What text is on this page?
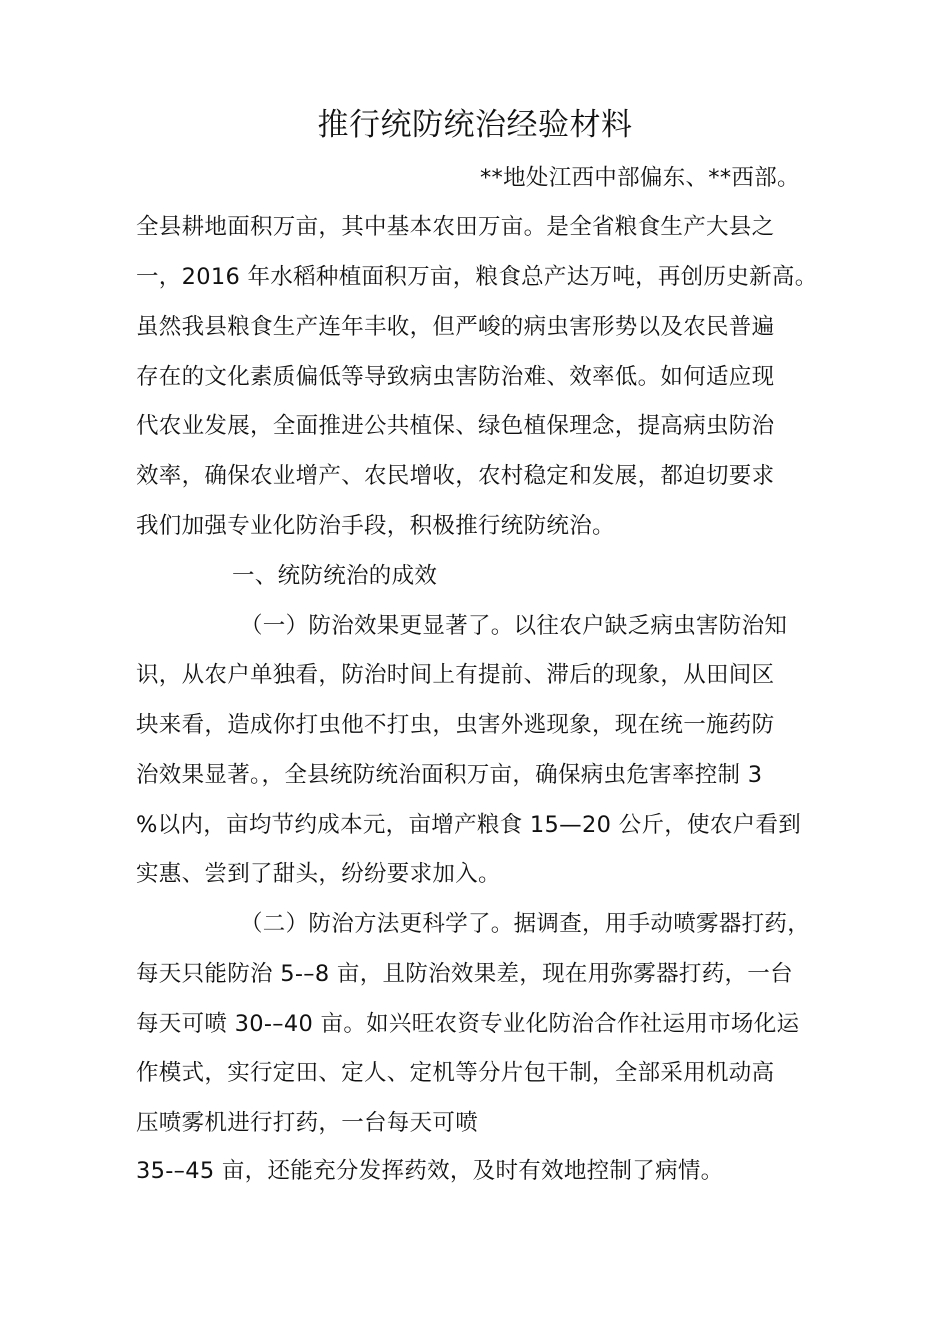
推行统防统治经验材料
**地处江西中部偏东、**西部。
全县耕地面积万亩，其中基本农田万亩。是全省粮食生产大县之
一，2016 年水稻种植面积万亩，粮食总产达万吨，再创历史新高。
虽然我县粮食生产连年丰收，但严峻的病虫害形势以及农民普遍
存在的文化素质偏低等导致病虫害防治难、效率低。如何适应现
代农业发展，全面推进公共植保、绿色植保理念，提高病虫防治
效率，确保农业增产、农民增收，农村稳定和发展，都迫切要求
我们加强专业化防治手段，积极推行统防统治。
一、统防统治的成效
（一）防治效果更显著了。以往农户缺乏病虫害防治知
识，从农户单独看，防治时间上有提前、滞后的现象，从田间区
块来看，造成你打虫他不打虫，虫害外逃现象，现在统一施药防
治效果显著。，全县统防统治面积万亩，确保病虫危害率控制 3
%以内，亩均节约成本元，亩增产粮食 15—20 公斤，使农户看到
实惠、尝到了甜头，纷纷要求加入。
（二）防治方法更科学了。据调查，用手动喷雾器打药，
每天只能防治 5-–8 亩，且防治效果差，现在用弥雾器打药，一台
每天可喷 30-–40 亩。如兴旺农资专业化防治合作社运用市场化运
作模式，实行定田、定人、定机等分片包干制，全部采用机动高
压喷雾机进行打药，一台每天可喷
35-–45 亩，还能充分发挥药效，及时有效地控制了病情。
